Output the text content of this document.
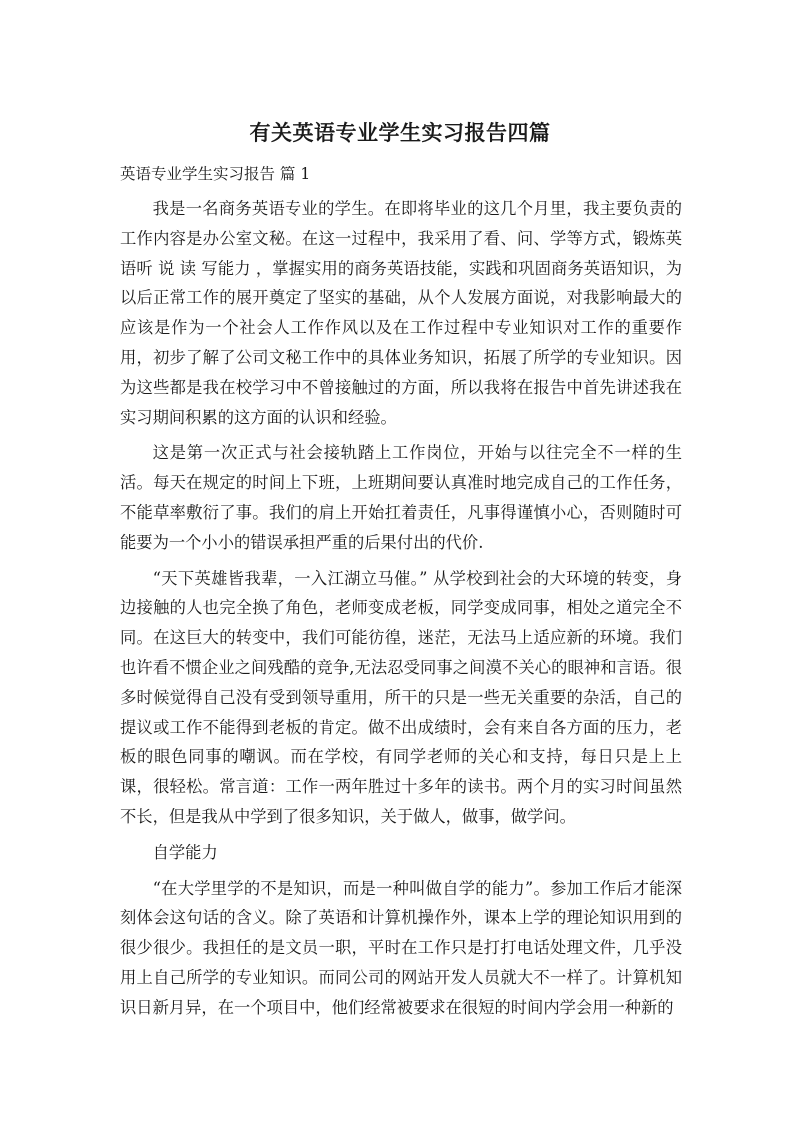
有关英语专业学生实习报告四篇

英语专业学生实习报告 篇 1

我是一名商务英语专业的学生。在即将毕业的这几个月里，我主要负责的工作内容是办公室文秘。在这一过程中，我采用了看、问、学等方式，锻炼英语听 说 读 写能力 ，掌握实用的商务英语技能，实践和巩固商务英语知识，为以后正常工作的展开奠定了坚实的基础，从个人发展方面说，对我影响最大的应该是作为一个社会人工作作风以及在工作过程中专业知识对工作的重要作用，初步了解了公司文秘工作中的具体业务知识，拓展了所学的专业知识。因为这些都是我在校学习中不曾接触过的方面，所以我将在报告中首先讲述我在实习期间积累的这方面的认识和经验。

这是第一次正式与社会接轨踏上工作岗位，开始与以往完全不一样的生活。每天在规定的时间上下班，上班期间要认真准时地完成自己的工作任务，不能草率敷衍了事。我们的肩上开始扛着责任，凡事得谨慎小心，否则随时可能要为一个小小的错误承担严重的后果付出的代价.

“天下英雄皆我辈，一入江湖立马催。” 从学校到社会的大环境的转变，身边接触的人也完全换了角色，老师变成老板，同学变成同事，相处之道完全不同。在这巨大的转变中，我们可能彷徨，迷茫，无法马上适应新的环境。我们也许看不惯企业之间残酷的竞争,无法忍受同事之间漠不关心的眼神和言语。很多时候觉得自己没有受到领导重用，所干的只是一些无关重要的杂活，自己的提议或工作不能得到老板的肯定。做不出成绩时，会有来自各方面的压力，老板的眼色同事的嘲讽。而在学校，有同学老师的关心和支持，每日只是上上课，很轻松。常言道：工作一两年胜过十多年的读书。两个月的实习时间虽然不长，但是我从中学到了很多知识，关于做人，做事，做学问。

自学能力

“在大学里学的不是知识，而是一种叫做自学的能力”。参加工作后才能深刻体会这句话的含义。除了英语和计算机操作外，课本上学的理论知识用到的很少很少。我担任的是文员一职，平时在工作只是打打电话处理文件，几乎没用上自己所学的专业知识。而同公司的网站开发人员就大不一样了。计算机知识日新月异，在一个项目中，他们经常被要求在很短的时间内学会用一种新的
